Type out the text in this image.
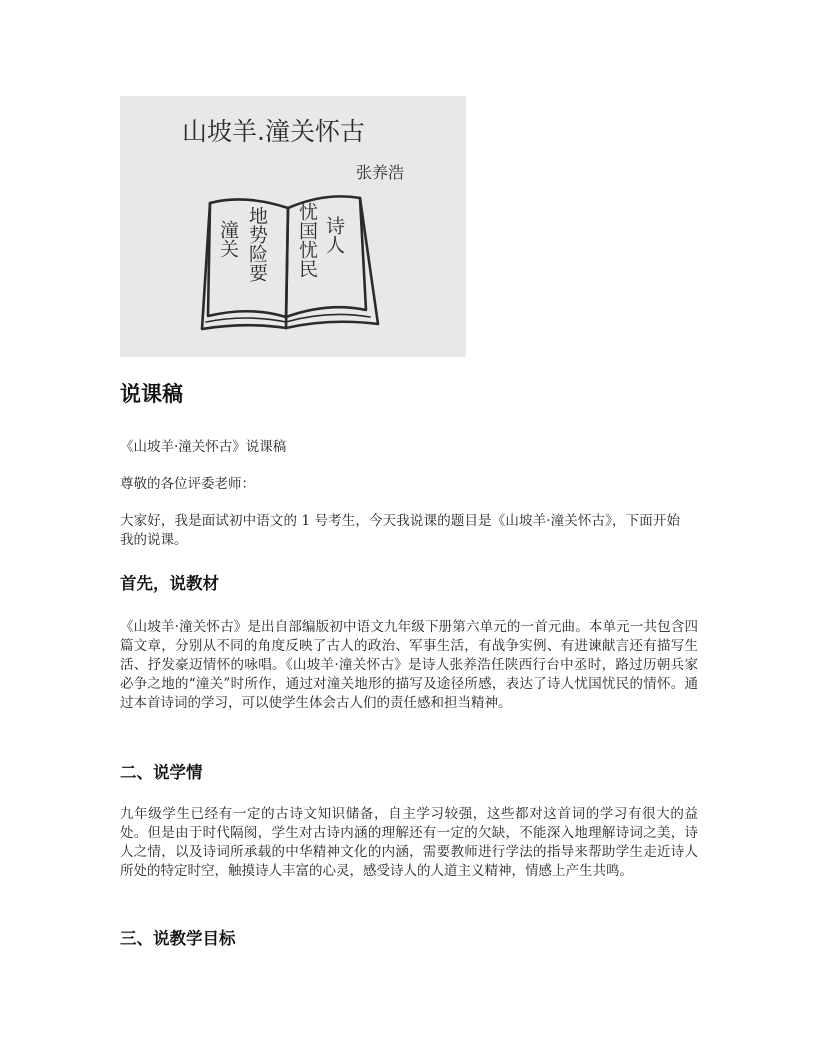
山坡羊.潼关怀古
张养浩
潼关 地势险要 忧国忧民 诗人
说课稿

《山坡羊·潼关怀古》说课稿

尊敬的各位评委老师：

大家好，我是面试初中语文的 1 号考生，今天我说课的题目是《山坡羊·潼关怀古》，下面开始我的说课。

首先，说教材

《山坡羊·潼关怀古》是出自部编版初中语文九年级下册第六单元的一首元曲。本单元一共包含四篇文章，分别从不同的角度反映了古人的政治、军事生活，有战争实例、有进谏献言还有描写生活、抒发豪迈情怀的咏唱。《山坡羊·潼关怀古》是诗人张养浩任陕西行台中丞时，路过历朝兵家必争之地的“潼关”时所作，通过对潼关地形的描写及途径所感，表达了诗人忧国忧民的情怀。通过本首诗词的学习，可以使学生体会古人们的责任感和担当精神。

二、说学情

九年级学生已经有一定的古诗文知识储备，自主学习较强，这些都对这首词的学习有很大的益处。但是由于时代隔阂，学生对古诗内涵的理解还有一定的欠缺，不能深入地理解诗词之美，诗人之情，以及诗词所承载的中华精神文化的内涵，需要教师进行学法的指导来帮助学生走近诗人所处的特定时空，触摸诗人丰富的心灵，感受诗人的人道主义精神，情感上产生共鸣。

三、说教学目标
